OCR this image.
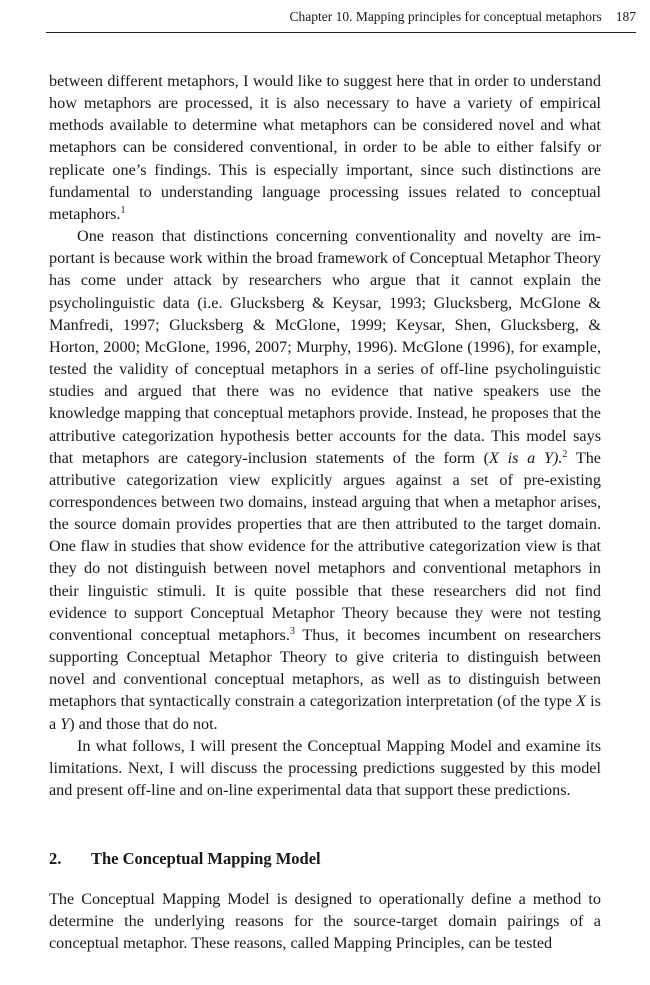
Chapter 10. Mapping principles for conceptual metaphors 187

between different metaphors, I would like to suggest here that in order to understand how metaphors are processed, it is also necessary to have a variety of empirical methods available to determine what metaphors can be considered novel and what metaphors can be considered conventional, in order to be able to either falsify or replicate one’s findings. This is especially important, since such distinctions are fundamental to understanding language processing issues related to conceptual metaphors.$^1$

One reason that distinctions concerning conventionality and novelty are important is because work within the broad framework of Conceptual Metaphor Theory has come under attack by researchers who argue that it cannot explain the psycholinguistic data (i.e. Glucksberg & Keysar, 1993; Glucksberg, McGlone & Manfredi, 1997; Glucksberg & McGlone, 1999; Keysar, Shen, Glucksberg, & Horton, 2000; McGlone, 1996, 2007; Murphy, 1996). McGlone (1996), for example, tested the validity of conceptual metaphors in a series of off-line psycholinguistic studies and argued that there was no evidence that native speakers use the knowledge mapping that conceptual metaphors provide. Instead, he proposes that the attributive categorization hypothesis better accounts for the data. This model says that metaphors are category-inclusion statements of the form (X is a Y).$^2$ The attributive categorization view explicitly argues against a set of pre-existing correspondences between two domains, instead arguing that when a metaphor arises, the source domain provides properties that are then attributed to the target domain. One flaw in studies that show evidence for the attributive categorization view is that they do not distinguish between novel metaphors and conventional metaphors in their linguistic stimuli. It is quite possible that these researchers did not find evidence to support Conceptual Metaphor Theory because they were not testing conventional conceptual metaphors.$^3$ Thus, it becomes incumbent on researchers supporting Conceptual Metaphor Theory to give criteria to distinguish between novel and conventional conceptual metaphors, as well as to distinguish between metaphors that syntactically constrain a categorization interpretation (of the type X is a Y) and those that do not.

In what follows, I will present the Conceptual Mapping Model and examine its limitations. Next, I will discuss the processing predictions suggested by this model and present off-line and on-line experimental data that support these predictions.

2. The Conceptual Mapping Model

The Conceptual Mapping Model is designed to operationally define a method to determine the underlying reasons for the source-target domain pairings of a conceptual metaphor. These reasons, called Mapping Principles, can be tested
